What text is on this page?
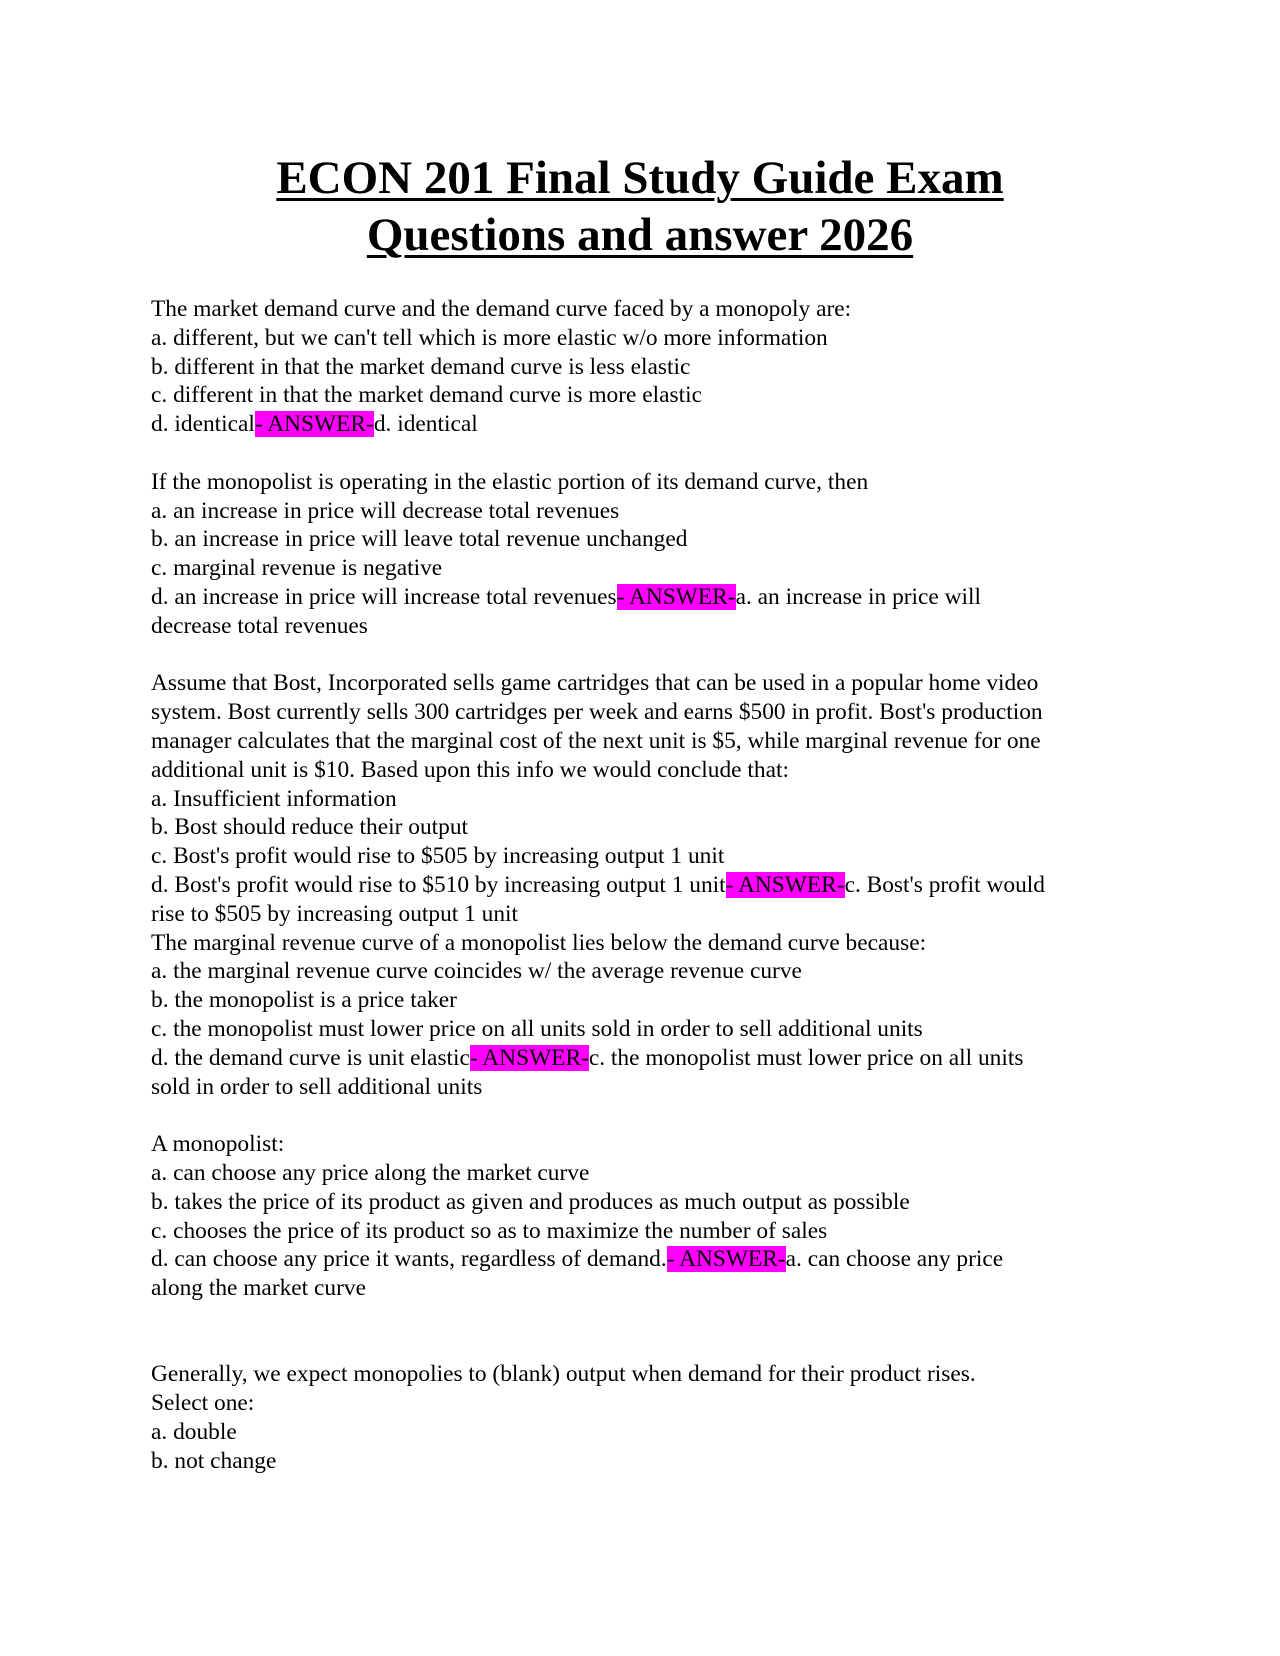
ECON 201 Final Study Guide Exam
Questions and answer 2026
The market demand curve and the demand curve faced by a monopoly are:
a. different, but we can't tell which is more elastic w/o more information
b. different in that the market demand curve is less elastic
c. different in that the market demand curve is more elastic
d. identical- ANSWER-d. identical
If the monopolist is operating in the elastic portion of its demand curve, then
a. an increase in price will decrease total revenues
b. an increase in price will leave total revenue unchanged
c. marginal revenue is negative
d. an increase in price will increase total revenues- ANSWER-a. an increase in price will
decrease total revenues
Assume that Bost, Incorporated sells game cartridges that can be used in a popular home video
system. Bost currently sells 300 cartridges per week and earns $500 in profit. Bost's production
manager calculates that the marginal cost of the next unit is $5, while marginal revenue for one
additional unit is $10. Based upon this info we would conclude that:
a. Insufficient information
b. Bost should reduce their output
c. Bost's profit would rise to $505 by increasing output 1 unit
d. Bost's profit would rise to $510 by increasing output 1 unit- ANSWER-c. Bost's profit would
rise to $505 by increasing output 1 unit
The marginal revenue curve of a monopolist lies below the demand curve because:
a. the marginal revenue curve coincides w/ the average revenue curve
b. the monopolist is a price taker
c. the monopolist must lower price on all units sold in order to sell additional units
d. the demand curve is unit elastic- ANSWER-c. the monopolist must lower price on all units
sold in order to sell additional units
A monopolist:
a. can choose any price along the market curve
b. takes the price of its product as given and produces as much output as possible
c. chooses the price of its product so as to maximize the number of sales
d. can choose any price it wants, regardless of demand.- ANSWER-a. can choose any price
along the market curve
Generally, we expect monopolies to (blank) output when demand for their product rises.
Select one:
a. double
b. not change
